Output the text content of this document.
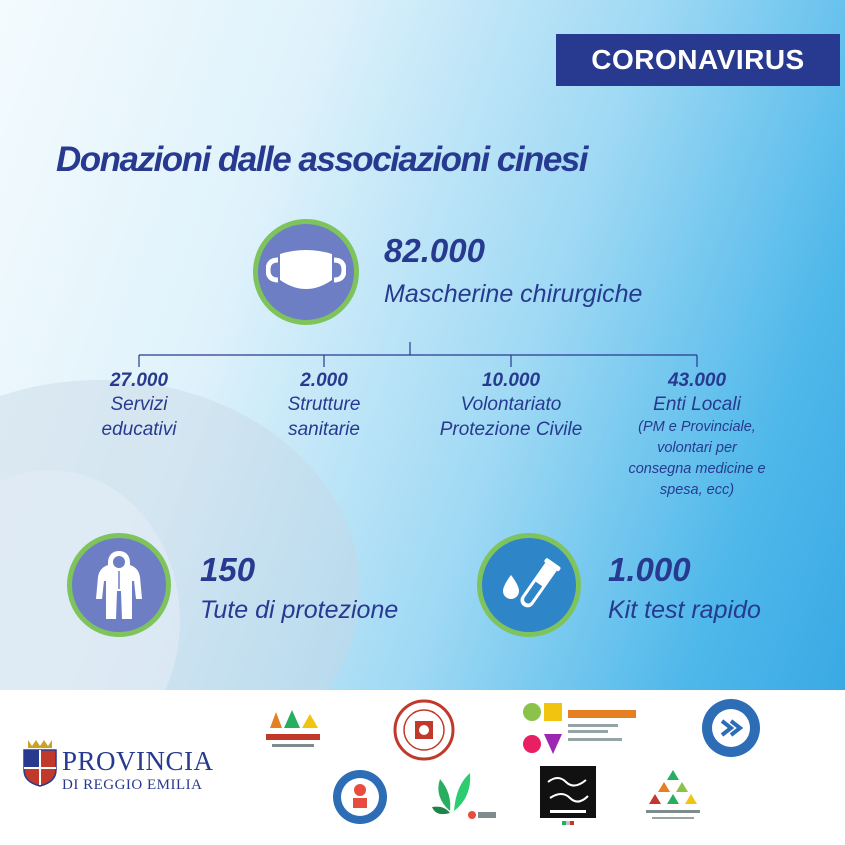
CORONAVIRUS
Donazioni dalle associazioni cinesi
82.000
Mascherine chirurgiche
27.000
Servizi
educativi
2.000
Strutture
sanitarie
10.000
Volontariato
Protezione Civile
43.000
Enti Locali
(PM e Provinciale,
volontari per
consegna medicine e
spesa, ecc)
150
Tute di protezione
1.000
Kit test rapido
PROVINCIA
DI REGGIO EMILIA
